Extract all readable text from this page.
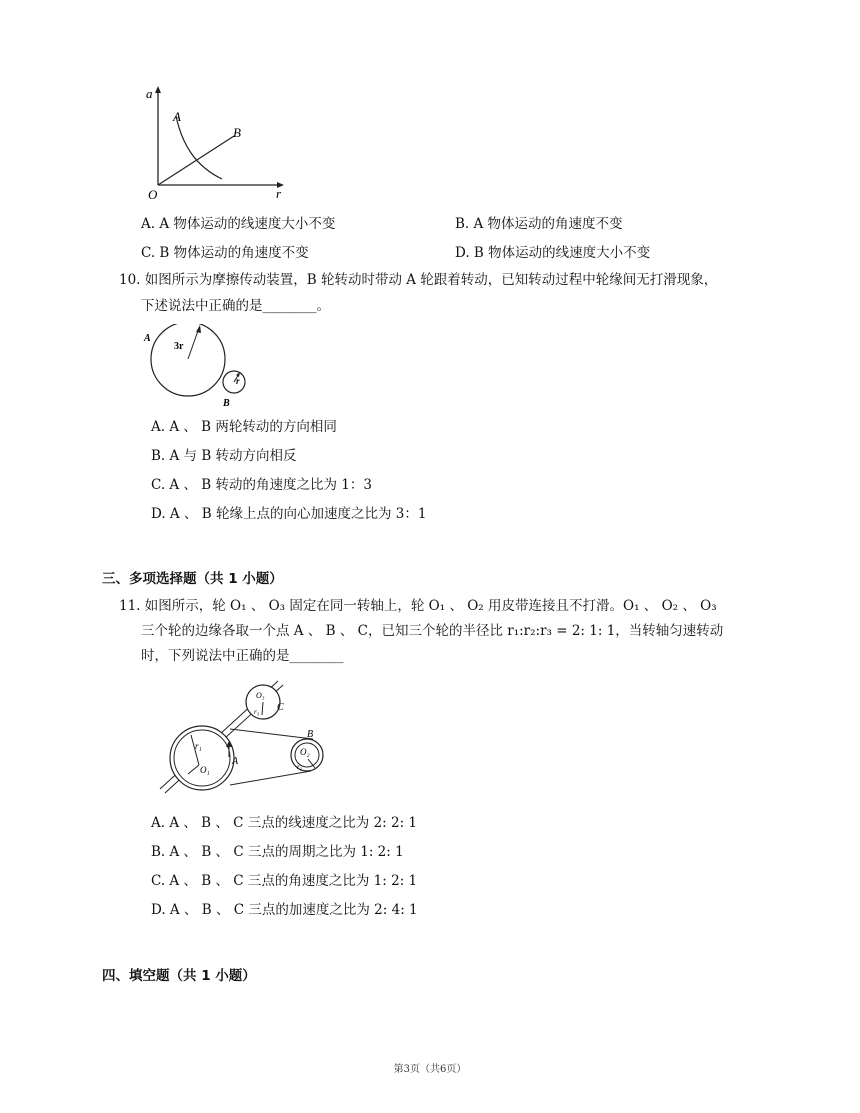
a
A
B
O	r
A. A 物体运动的线速度大小不变	B. A 物体运动的角速度不变
C. B 物体运动的角速度不变	D. B 物体运动的线速度大小不变
10. 如图所示为摩擦传动装置，B 轮转动时带动 A 轮跟着转动，已知转动过程中轮缘间无打滑现象，
下述说法中正确的是________。
A
3r
r
B
A. A 、 B 两轮转动的方向相同
B. A 与 B 转动方向相反
C. A 、 B 转动的角速度之比为 1：3
D. A 、 B 轮缘上点的向心加速度之比为 3：1
三、多项选择题（共 1 小题）
11. 如图所示，轮 O₁ 、 O₃ 固定在同一转轴上，轮 O₁ 、 O₂ 用皮带连接且不打滑。O₁ 、 O₂ 、 O₃
三个轮的边缘各取一个点 A 、 B 、 C，已知三个轮的半径比 r₁:r₂:r₃ = 2: 1: 1，当转轴匀速转动
时，下列说法中正确的是________
O₃
r₃ C
r₁
O₁
A
B
O₂
r₂
A. A 、 B 、 C 三点的线速度之比为 2: 2: 1
B. A 、 B 、 C 三点的周期之比为 1: 2: 1
C. A 、 B 、 C 三点的角速度之比为 1: 2: 1
D. A 、 B 、 C 三点的加速度之比为 2: 4: 1
四、填空题（共 1 小题）
第3页（共6页）
